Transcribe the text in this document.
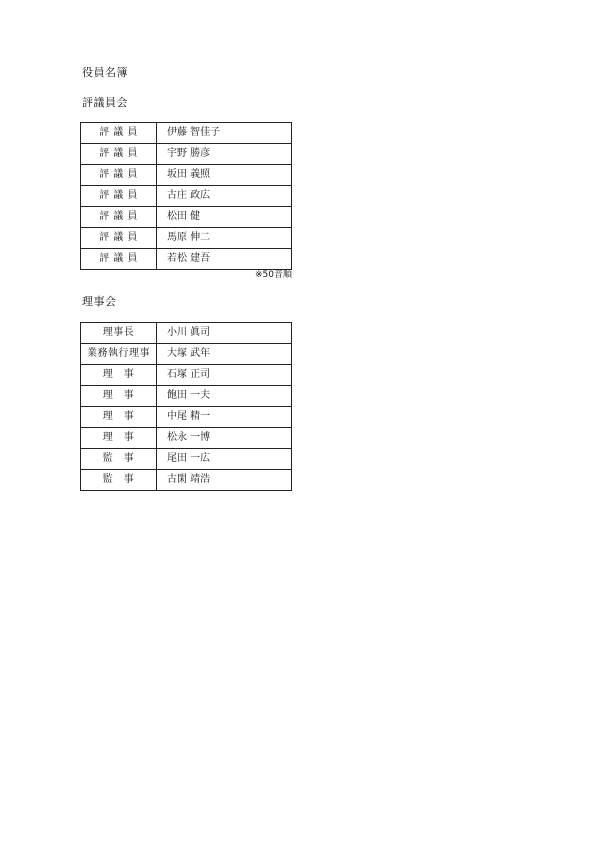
役員名簿
評議員会
評 議 員	伊藤 智佳子
評 議 員	宇野 勝彦
評 議 員	坂田 義照
評 議 員	古庄 政広
評 議 員	松田 健
評 議 員	馬原 伸二
評 議 員	若松 建吾
※50音順
理事会
理事長	小川 眞司
業務執行理事	大塚 武年
理　事	石塚 正司
理　事	飽田 一夫
理　事	中尾 精一
理　事	松永 一博
監　事	尾田 一広
監　事	古閑 靖浩
